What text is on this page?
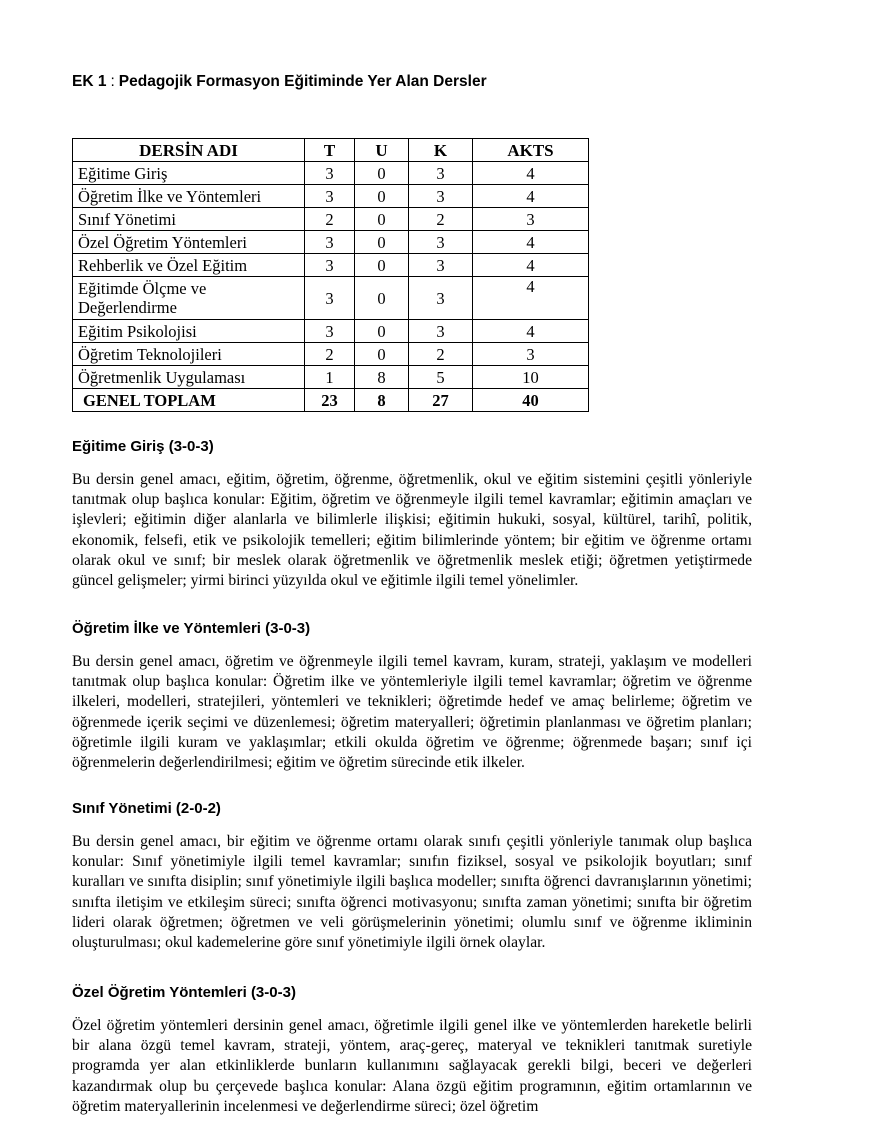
EK 1 : Pedagojik Formasyon Eğitiminde Yer Alan Dersler
DERSİN ADI	T	U	K	AKTS
Eğitime Giriş	3	0	3	4
Öğretim İlke ve Yöntemleri	3	0	3	4
Sınıf Yönetimi	2	0	2	3
Özel Öğretim Yöntemleri	3	0	3	4
Rehberlik ve Özel Eğitim	3	0	3	4
Eğitimde Ölçme ve Değerlendirme	3	0	3	4
Eğitim Psikolojisi	3	0	3	4
Öğretim Teknolojileri	2	0	2	3
Öğretmenlik Uygulaması	1	8	5	10
GENEL TOPLAM	23	8	27	40
Eğitime Giriş (3-0-3)

Bu dersin genel amacı, eğitim, öğretim, öğrenme, öğretmenlik, okul ve eğitim sistemini çeşitli yönleriyle tanıtmak olup başlıca konular: Eğitim, öğretim ve öğrenmeyle ilgili temel kavramlar; eğitimin amaçları ve işlevleri; eğitimin diğer alanlarla ve bilimlerle ilişkisi; eğitimin hukuki, sosyal, kültürel, tarihî, politik, ekonomik, felsefi, etik ve psikolojik temelleri; eğitim bilimlerinde yöntem; bir eğitim ve öğrenme ortamı olarak okul ve sınıf; bir meslek olarak öğretmenlik ve öğretmenlik meslek etiği; öğretmen yetiştirmede güncel gelişmeler; yirmi birinci yüzyılda okul ve eğitimle ilgili temel yönelimler.

Öğretim İlke ve Yöntemleri (3-0-3)

Bu dersin genel amacı, öğretim ve öğrenmeyle ilgili temel kavram, kuram, strateji, yaklaşım ve modelleri tanıtmak olup başlıca konular: Öğretim ilke ve yöntemleriyle ilgili temel kavramlar; öğretim ve öğrenme ilkeleri, modelleri, stratejileri, yöntemleri ve teknikleri; öğretimde hedef ve amaç belirleme; öğretim ve öğrenmede içerik seçimi ve düzenlemesi; öğretim materyalleri; öğretimin planlanması ve öğretim planları; öğretimle ilgili kuram ve yaklaşımlar; etkili okulda öğretim ve öğrenme; öğrenmede başarı; sınıf içi öğrenmelerin değerlendirilmesi; eğitim ve öğretim sürecinde etik ilkeler.

Sınıf Yönetimi (2-0-2)

Bu dersin genel amacı, bir eğitim ve öğrenme ortamı olarak sınıfı çeşitli yönleriyle tanımak olup başlıca konular: Sınıf yönetimiyle ilgili temel kavramlar; sınıfın fiziksel, sosyal ve psikolojik boyutları; sınıf kuralları ve sınıfta disiplin; sınıf yönetimiyle ilgili başlıca modeller; sınıfta öğrenci davranışlarının yönetimi; sınıfta iletişim ve etkileşim süreci; sınıfta öğrenci motivasyonu; sınıfta zaman yönetimi; sınıfta bir öğretim lideri olarak öğretmen; öğretmen ve veli görüşmelerinin yönetimi; olumlu sınıf ve öğrenme ikliminin oluşturulması; okul kademelerine göre sınıf yönetimiyle ilgili örnek olaylar.

Özel Öğretim Yöntemleri (3-0-3)

Özel öğretim yöntemleri dersinin genel amacı, öğretimle ilgili genel ilke ve yöntemlerden hareketle belirli bir alana özgü temel kavram, strateji, yöntem, araç-gereç, materyal ve teknikleri tanıtmak suretiyle programda yer alan etkinliklerde bunların kullanımını sağlayacak gerekli bilgi, beceri ve değerleri kazandırmak olup bu çerçevede başlıca konular: Alana özgü eğitim programının, eğitim ortamlarının ve öğretim materyallerinin incelenmesi ve değerlendirme süreci; özel öğretim
